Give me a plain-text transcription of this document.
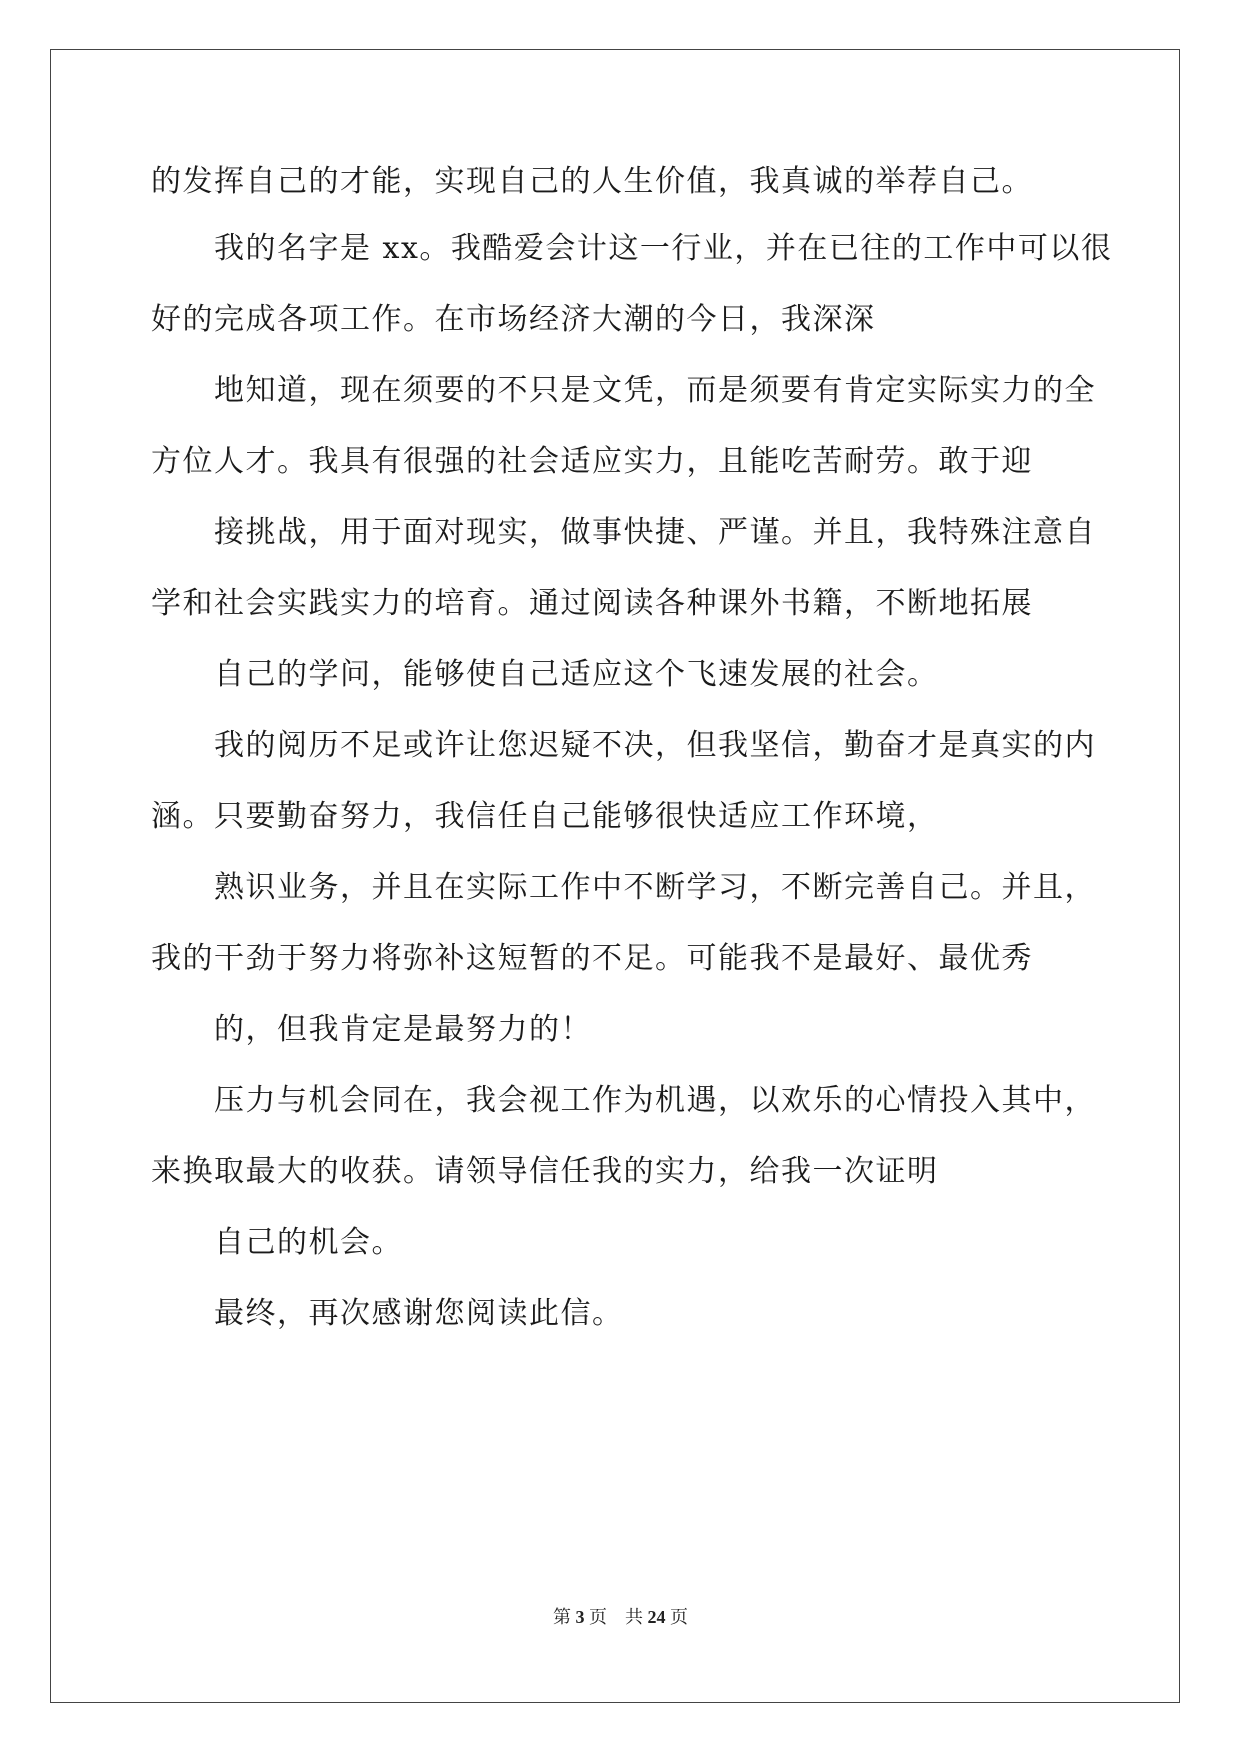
的发挥自己的才能，实现自己的人生价值，我真诚的举荐自己。
我的名字是 xx。我酷爱会计这一行业，并在已往的工作中可以很
好的完成各项工作。在市场经济大潮的今日，我深深
地知道，现在须要的不只是文凭，而是须要有肯定实际实力的全
方位人才。我具有很强的社会适应实力，且能吃苦耐劳。敢于迎
接挑战，用于面对现实，做事快捷、严谨。并且，我特殊注意自
学和社会实践实力的培育。通过阅读各种课外书籍，不断地拓展
自己的学问，能够使自己适应这个飞速发展的社会。
我的阅历不足或许让您迟疑不决，但我坚信，勤奋才是真实的内
涵。只要勤奋努力，我信任自己能够很快适应工作环境，
熟识业务，并且在实际工作中不断学习，不断完善自己。并且，
我的干劲于努力将弥补这短暂的不足。可能我不是最好、最优秀
的，但我肯定是最努力的！
压力与机会同在，我会视工作为机遇，以欢乐的心情投入其中，
来换取最大的收获。请领导信任我的实力，给我一次证明
自己的机会。
最终，再次感谢您阅读此信。
第 3 页 共 24 页
